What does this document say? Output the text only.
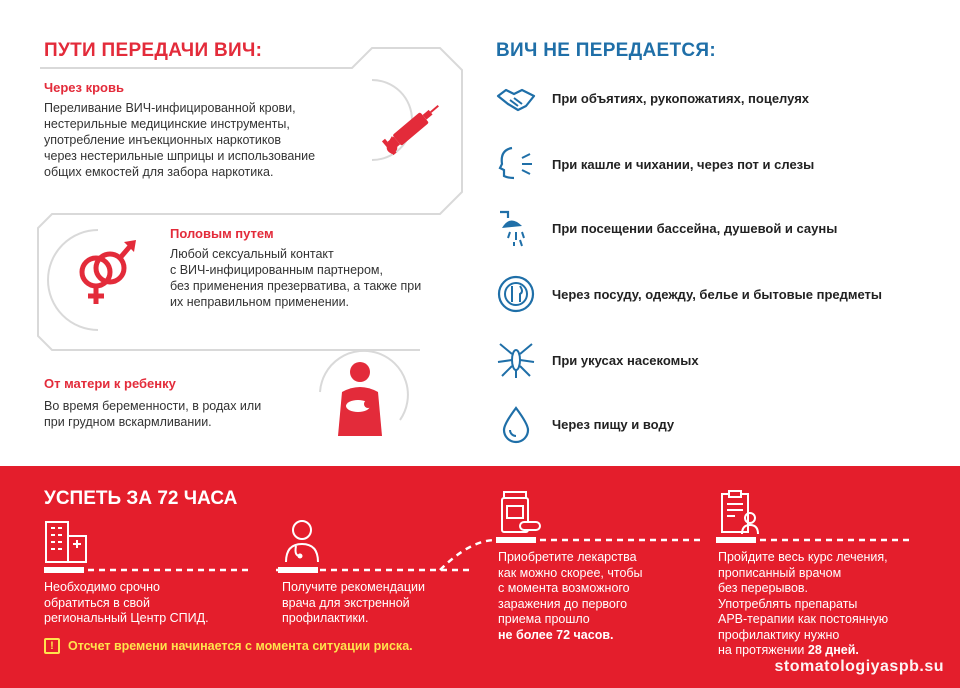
ПУТИ ПЕРЕДАЧИ ВИЧ:
Через кровь
Переливание ВИЧ-инфицированной крови,
нестерильные медицинские инструменты,
употребление инъекционных наркотиков
через нестерильные шприцы и использование
общих емкостей для забора наркотика.
Половым путем
Любой сексуальный контакт
с ВИЧ-инфицированным партнером,
без применения презерватива, а также при
их неправильном применении.
От матери к ребенку
Во время беременности, в родах или
при грудном вскармливании.
ВИЧ НЕ ПЕРЕДАЕТСЯ:
При объятиях, рукопожатиях, поцелуях
При кашле и чихании, через пот и слезы
При посещении бассейна, душевой и сауны
Через посуду, одежду, белье и бытовые предметы
При укусах насекомых
Через пищу и воду
УСПЕТЬ ЗА 72 ЧАСА
Необходимо срочно
обратиться в свой
региональный Центр СПИД.
Получите рекомендации
врача для экстренной
профилактики.
Приобретите лекарства
как можно скорее, чтобы
с момента возможного
заражения до первого
приема прошло
не более 72 часов.
Пройдите весь курс лечения,
прописанный врачом
без перерывов.
Употреблять препараты
АРВ-терапии как постоянную
профилактику нужно
на протяжении 28 дней.
!	Отсчет времени начинается с момента ситуации риска.
stomatologiyaspb.su
